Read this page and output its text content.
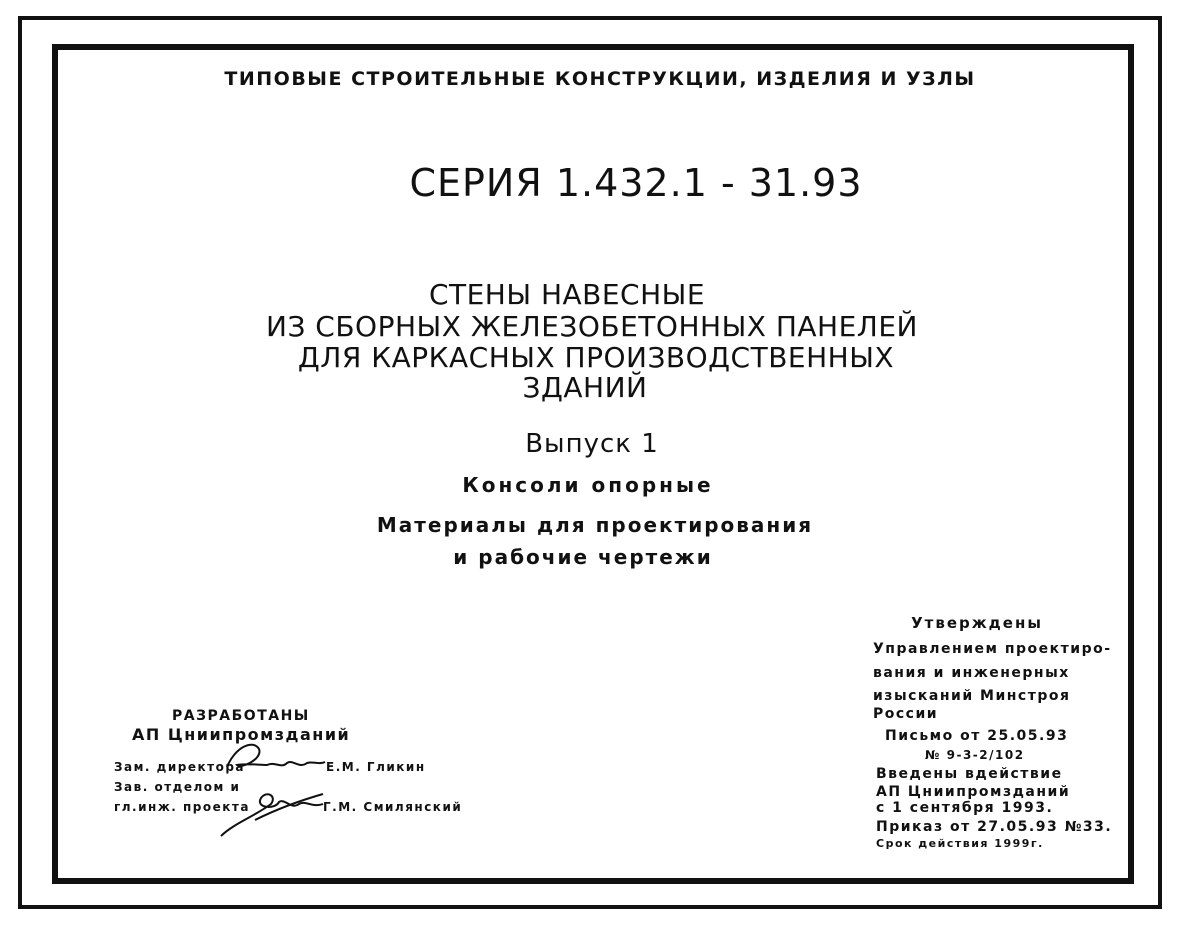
ТИПОВЫЕ СТРОИТЕЛЬНЫЕ КОНСТРУКЦИИ, ИЗДЕЛИЯ И УЗЛЫ
СЕРИЯ 1.432.1 - 31.93
СТЕНЫ НАВЕСНЫЕ
ИЗ СБОРНЫХ ЖЕЛЕЗОБЕТОННЫХ ПАНЕЛЕЙ
ДЛЯ КАРКАСНЫХ ПРОИЗВОДСТВЕННЫХ
ЗДАНИЙ
Выпуск 1
Консоли опорные
Материалы для проектирования
и рабочие чертежи
Утверждены
Управлением проектиро-
вания и инженерных
изысканий Минстроя
России
Письмо от 25.05.93
№ 9-3-2/102
Введены вдействие
АП Цниипромзданий
с 1 сентября 1993.
Приказ от 27.05.93 №33.
Срок действия 1999г.
РАЗРАБОТАНЫ
АП Цниипромзданий
Зам. директора
Зав. отделом и
гл.инж. проекта
Е.М. Гликин
Г.М. Смилянский
